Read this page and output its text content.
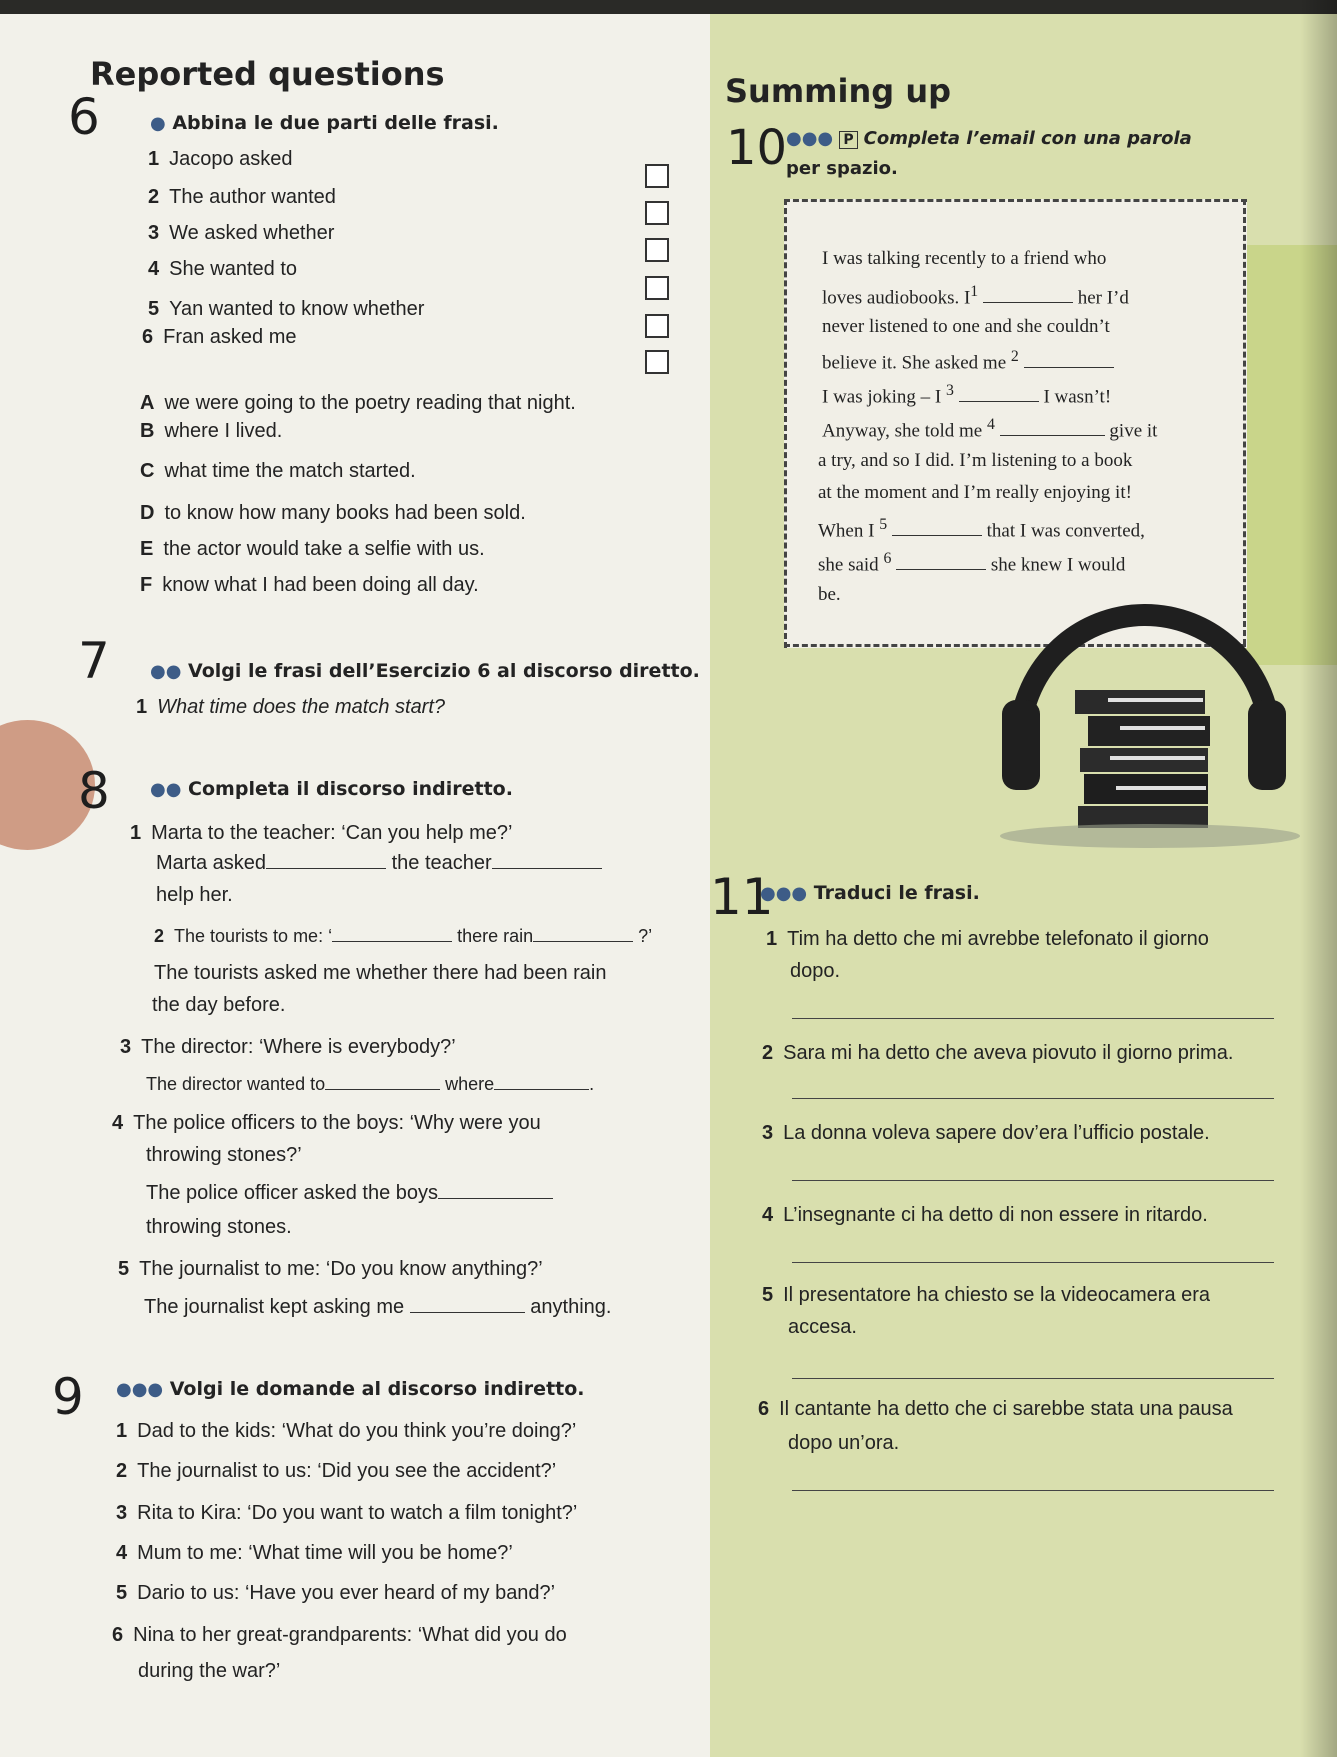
Reported questions	Summing up
6	● Abbina le due parti delle frasi.
1 Jacopo asked
2 The author wanted
3 We asked whether
4 She wanted to
5 Yan wanted to know whether
6 Fran asked me
A we were going to the poetry reading that night.
B where I lived.
C what time the match started.
D to know how many books had been sold.
E the actor would take a selfie with us.
F know what I had been doing all day.
7 ●● Volgi le frasi dell’Esercizio 6 al discorso diretto.
1 What time does the match start?
8 ●● Completa il discorso indiretto.
1 Marta to the teacher: ‘Can you help me?’
Marta asked	the teacher
help her.
2 The tourists to me: ‘	there rain	?’
The tourists asked me whether there had been rain
the day before.
3 The director: ‘Where is everybody?’
The director wanted to	where	.
4 The police officers to the boys: ‘Why were you
throwing stones?’
The police officer asked the boys
throwing stones.
5 The journalist to me: ‘Do you know anything?’
The journalist kept asking me	anything.
9 ●●● Volgi le domande al discorso indiretto.
1 Dad to the kids: ‘What do you think you’re doing?’
2 The journalist to us: ‘Did you see the accident?’
3 Rita to Kira: ‘Do you want to watch a film tonight?’
4 Mum to me: ‘What time will you be home?’
5 Dario to us: ‘Have you ever heard of my band?’
6 Nina to her great-grandparents: ‘What did you do
during the war?’
10
●●● P Completa l’email con una parola
per spazio.
I was talking recently to a friend who
loves audiobooks. $I^1$	her I’d
never listened to one and she couldn’t
believe it. She asked me $^2$
I was joking – I $^3$	I wasn’t!
Anyway, she told me $^4$	give it
a try, and so I did. I’m listening to a book
at the moment and I’m really enjoying it!
When I $^5$	that I was converted,
she said $^6$	she knew I would
be.
11
●●● Traduci le frasi.
1 Tim ha detto che mi avrebbe telefonato il giorno
dopo.
2 Sara mi ha detto che aveva piovuto il giorno prima.
3 La donna voleva sapere dov’era l’ufficio postale.
4 L’insegnante ci ha detto di non essere in ritardo.
5 Il presentatore ha chiesto se la videocamera era
accesa.
6 Il cantante ha detto che ci sarebbe stata una pausa
dopo un’ora.
